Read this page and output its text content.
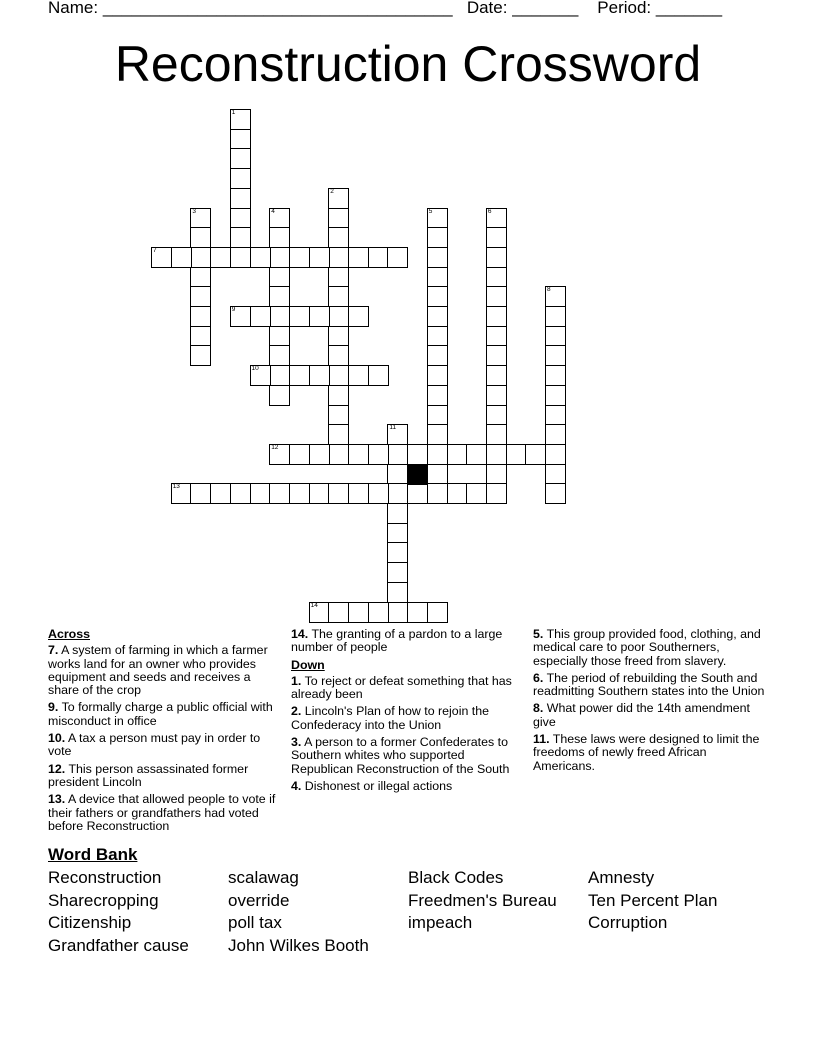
Name: _____________________________________ Date: _______ Period: _______
Reconstruction Crossword
1
2
3	4	5	6
7
8
9
10
11
12
13
14
Across
7. A system of farming in which a farmer works land for an owner who provides equipment and seeds and receives a share of the crop
9. To formally charge a public official with misconduct in office
10. A tax a person must pay in order to vote
12. This person assassinated former president Lincoln
13. A device that allowed people to vote if their fathers or grandfathers had voted before Reconstruction
14. The granting of a pardon to a large number of people
Down
1. To reject or defeat something that has already been
2. Lincoln's Plan of how to rejoin the Confederacy into the Union
3. A person to a former Confederates to Southern whites who supported Republican Reconstruction of the South
4. Dishonest or illegal actions
5. This group provided food, clothing, and medical care to poor Southerners, especially those freed from slavery.
6. The period of rebuilding the South and readmitting Southern states into the Union
8. What power did the 14th amendment give
11. These laws were designed to limit the freedoms of newly freed African Americans.
Word Bank
Reconstruction	scalawag	Black Codes	Amnesty
Sharecropping	override	Freedmen's Bureau	Ten Percent Plan
Citizenship	poll tax	impeach	Corruption
Grandfather cause	John Wilkes Booth
